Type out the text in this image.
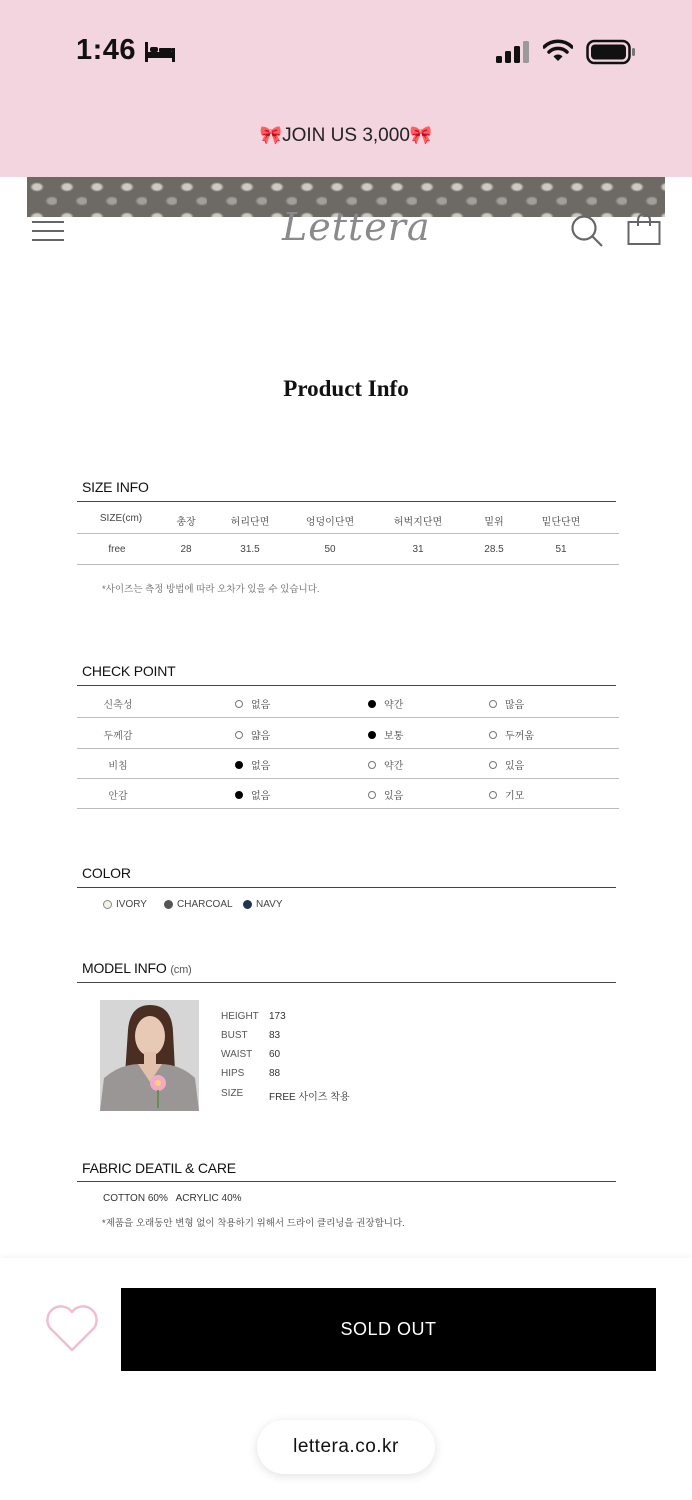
1:46
🎀JOIN US 3,000🎀
Lettera
Product Info
SIZE INFO
SIZE(cm)	총장	허리단면	엉덩이단면	허벅지단면	밑위	밑단단면
free	28	31.5	50	31	28.5	51
*사이즈는 측정 방법에 따라 오차가 있을 수 있습니다.
CHECK POINT
신축성	없음	약간	많음
두께감	얇음	보통	두꺼움
비침	없음	약간	있음
안감	없음	있음	기모
COLOR
IVORY	CHARCOAL NAVY
MODEL INFO (cm)
HEIGHT 173
BUST 83
WAIST 60
HIPS 88
SIZE	FREE 사이즈 착용
FABRIC DEATIL & CARE
COTTON 60%   ACRYLIC 40%
*제품을 오래동안 변형 없이 착용하기 위해서 드라이 클리닝을 권장합니다.
SOLD OUT
lettera.co.kr
